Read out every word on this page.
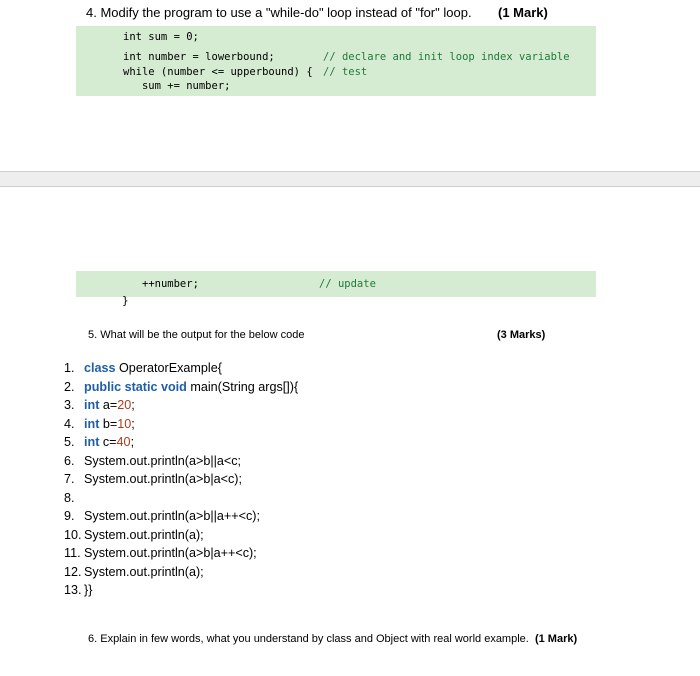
4. Modify the program to use a "while-do" loop instead of "for" loop. (1 Mark)
int sum = 0;
int number = lowerbound;	// declare and init loop index variable
while (number <= upperbound) { // test
sum += number;
++number;	// update
}
5. What will be the output for the below code	(3 Marks)
1. class OperatorExample{
2. public static void main(String args[]){
3. int a=20;
4. int b=10;
5. int c=40;
6. System.out.println(a>b||a<c;
7. System.out.println(a>b|a<c);
8.
9. System.out.println(a>b||a++<c);
10. System.out.println(a);
11. System.out.println(a>b|a++<c);
12. System.out.println(a);
13. }}
6. Explain in few words, what you understand by class and Object with real world example. (1 Mark)
